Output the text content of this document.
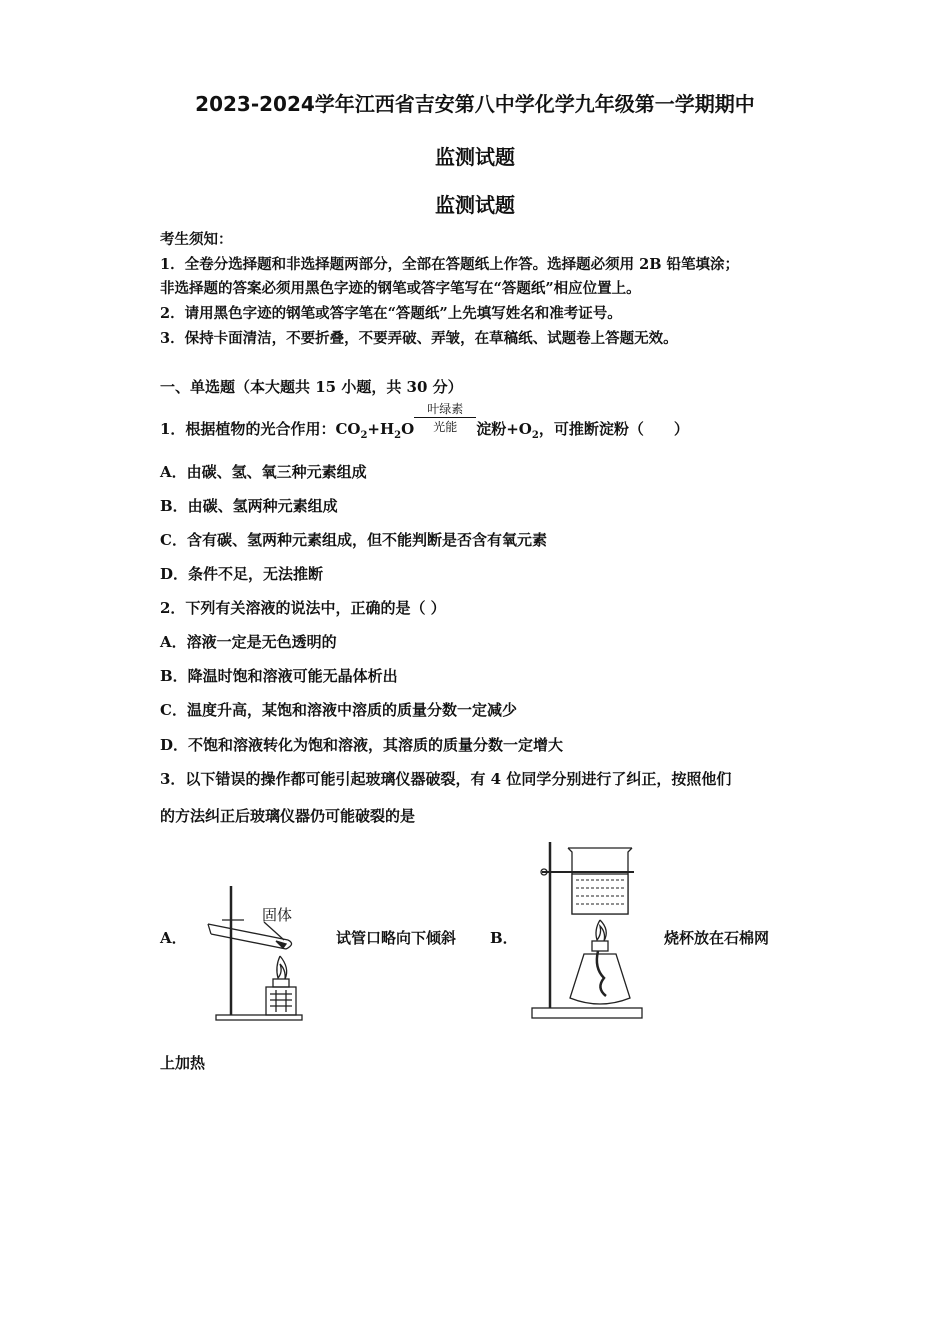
2023-2024学年江西省吉安第八中学化学九年级第一学期期中
监测试题
监测试题
考生须知：
1．全卷分选择题和非选择题两部分，全部在答题纸上作答。选择题必须用 2B 铅笔填涂；
非选择题的答案必须用黑色字迹的钢笔或答字笔写在“答题纸”相应位置上。
2．请用黑色字迹的钢笔或答字笔在“答题纸”上先填写姓名和准考证号。
3．保持卡面清洁，不要折叠，不要弄破、弄皱，在草稿纸、试题卷上答题无效。
一、单选题（本大题共 15 小题，共 30 分）
1．根据植物的光合作用：$CO_2+H_2O$
叶绿素
光能	淀粉$+O_2$，可推断淀粉（　　）
A．由碳、氢、氧三种元素组成
B．由碳、氢两种元素组成
C．含有碳、氢两种元素组成，但不能判断是否含有氧元素
D．条件不足，无法推断
2．下列有关溶液的说法中，正确的是（ ）
A．溶液一定是无色透明的
B．降温时饱和溶液可能无晶体析出
C．温度升高，某饱和溶液中溶质的质量分数一定减少
D．不饱和溶液转化为饱和溶液，其溶质的质量分数一定增大
3．以下错误的操作都可能引起玻璃仪器破裂，有 4 位同学分别进行了纠正，按照他们
的方法纠正后玻璃仪器仍可能破裂的是
A．
固体
试管口略向下倾斜 B．	烧杯放在石棉网
上加热
